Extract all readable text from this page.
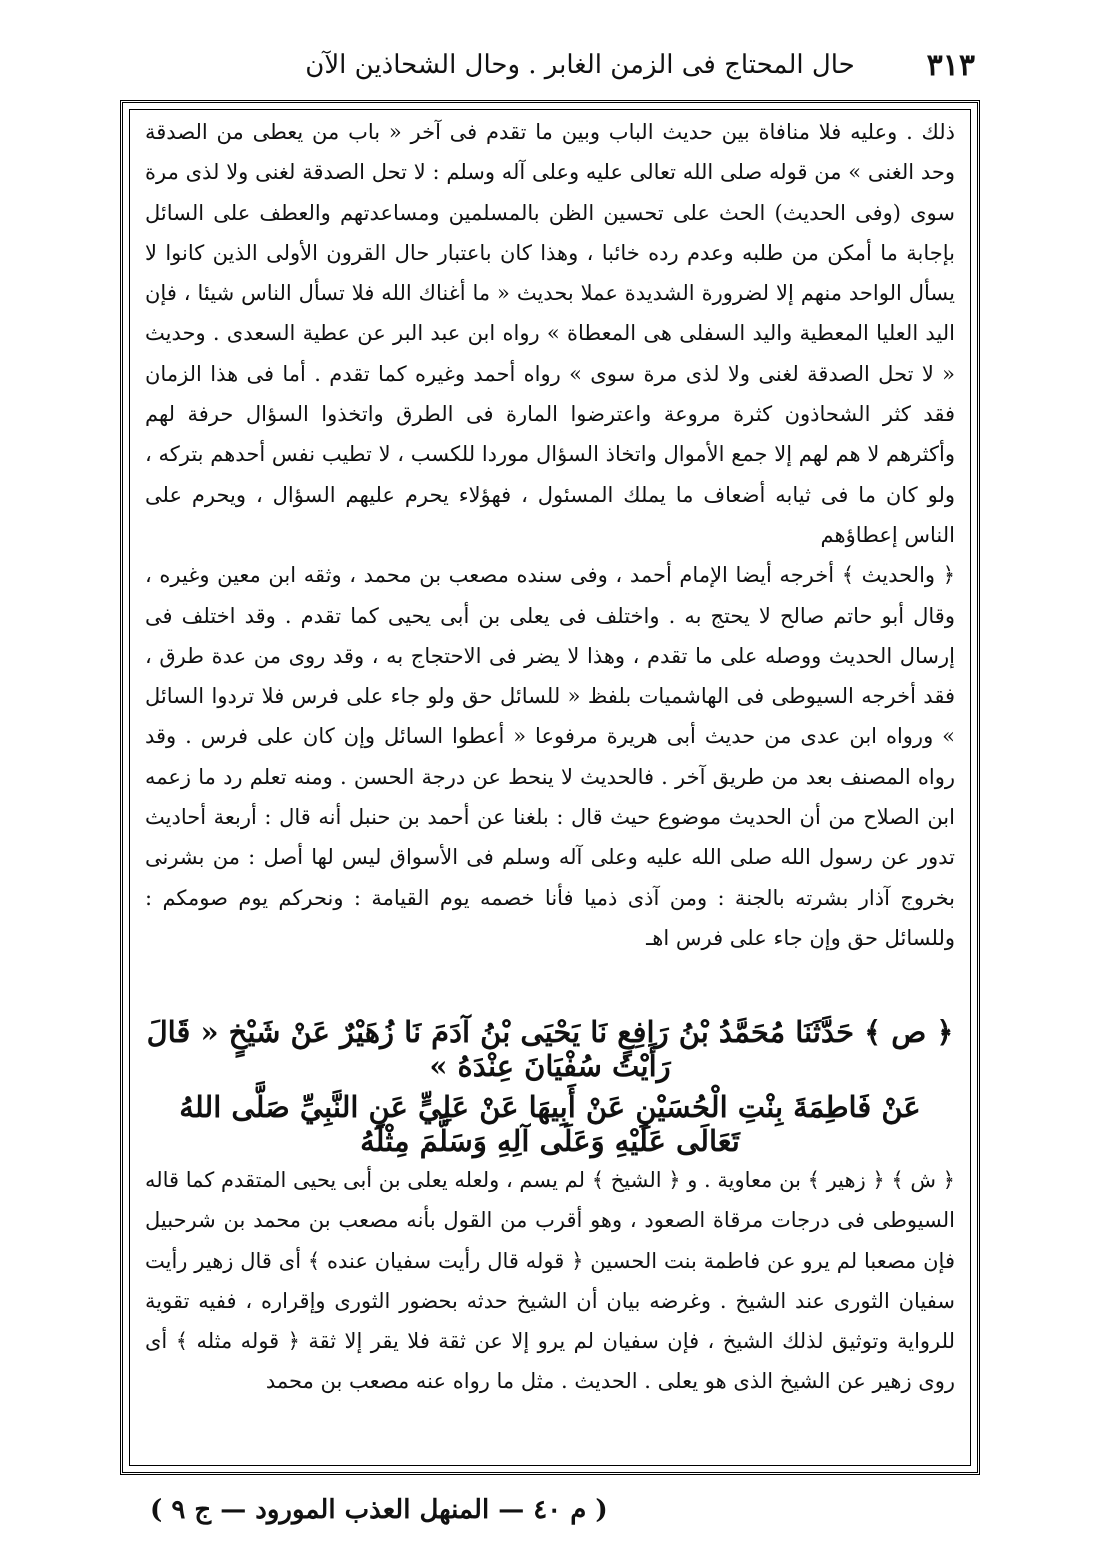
٣١٣
حال المحتاج فى الزمن الغابر . وحال الشحاذين الآن

ذلك . وعليه فلا منافاة بين حديث الباب وبين ما تقدم فى آخر « باب من يعطى من الصدقة وحد الغنى » من قوله صلى الله تعالى عليه وعلى آله وسلم : لا تحل الصدقة لغنى ولا لذى مرة سوى (وفى الحديث) الحث على تحسين الظن بالمسلمين ومساعدتهم والعطف على السائل بإجابة ما أمكن من طلبه وعدم رده خائبا ، وهذا كان باعتبار حال القرون الأولى الذين كانوا لا يسأل الواحد منهم إلا لضرورة الشديدة عملا بحديث « ما أغناك الله فلا تسأل الناس شيئا ، فإن اليد العليا المعطية واليد السفلى هى المعطاة » رواه ابن عبد البر عن عطية السعدى . وحديث « لا تحل الصدقة لغنى ولا لذى مرة سوى » رواه أحمد وغيره كما تقدم . أما فى هذا الزمان فقد كثر الشحاذون كثرة مروعة واعترضوا المارة فى الطرق واتخذوا السؤال حرفة لهم وأكثرهم لا هم لهم إلا جمع الأموال واتخاذ السؤال موردا للكسب ، لا تطيب نفس أحدهم بتركه ، ولو كان ما فى ثيابه أضعاف ما يملك المسئول ، فهؤلاء يحرم عليهم السؤال ، ويحرم على الناس إعطاؤهم

﴿ والحديث ﴾ أخرجه أيضا الإمام أحمد ، وفى سنده مصعب بن محمد ، وثقه ابن معين وغيره ، وقال أبو حاتم صالح لا يحتج به . واختلف فى يعلى بن أبى يحيى كما تقدم . وقد اختلف فى إرسال الحديث ووصله على ما تقدم ، وهذا لا يضر فى الاحتجاج به ، وقد روى من عدة طرق ، فقد أخرجه السيوطى فى الهاشميات بلفظ « للسائل حق ولو جاء على فرس فلا تردوا السائل » ورواه ابن عدى من حديث أبى هريرة مرفوعا « أعطوا السائل وإن كان على فرس . وقد رواه المصنف بعد من طريق آخر . فالحديث لا ينحط عن درجة الحسن . ومنه تعلم رد ما زعمه ابن الصلاح من أن الحديث موضوع حيث قال : بلغنا عن أحمد بن حنبل أنه قال : أربعة أحاديث تدور عن رسول الله صلى الله عليه وعلى آله وسلم فى الأسواق ليس لها أصل : من بشرنى بخروج آذار بشرته بالجنة : ومن آذى ذميا فأنا خصمه يوم القيامة : ونحركم يوم صومكم : وللسائل حق وإن جاء على فرس اهـ

﴿ ص ﴾ حَدَّثَنَا مُحَمَّدُ بْنُ رَافِعٍ نَا يَحْيَى بْنُ آدَمَ نَا زُهَيْرٌ عَنْ شَيْخٍ « قَالَ رَأَيْتُ سُفْيَانَ عِنْدَهُ »
عَنْ فَاطِمَةَ بِنْتِ الْحُسَيْنِ عَنْ أَبِيهَا عَنْ عَلِيٍّ عَنِ النَّبِيِّ صَلَّى اللهُ تَعَالَى عَلَيْهِ وَعَلَى آلِهِ وَسَلَّمَ مِثْلَهُ

﴿ ش ﴾ ﴿ زهير ﴾ بن معاوية . و ﴿ الشيخ ﴾ لم يسم ، ولعله يعلى بن أبى يحيى المتقدم كما قاله السيوطى فى درجات مرقاة الصعود ، وهو أقرب من القول بأنه مصعب بن محمد بن شرحبيل فإن مصعبا لم يرو عن فاطمة بنت الحسين ﴿ قوله قال رأيت سفيان عنده ﴾ أى قال زهير رأيت سفيان الثورى عند الشيخ . وغرضه بيان أن الشيخ حدثه بحضور الثورى وإقراره ، ففيه تقوية للرواية وتوثيق لذلك الشيخ ، فإن سفيان لم يرو إلا عن ثقة فلا يقر إلا ثقة ﴿ قوله مثله ﴾ أى روى زهير عن الشيخ الذى هو يعلى . الحديث . مثل ما رواه عنه مصعب بن محمد

( م ٤٠ — المنهل العذب المورود — ج ٩ )
